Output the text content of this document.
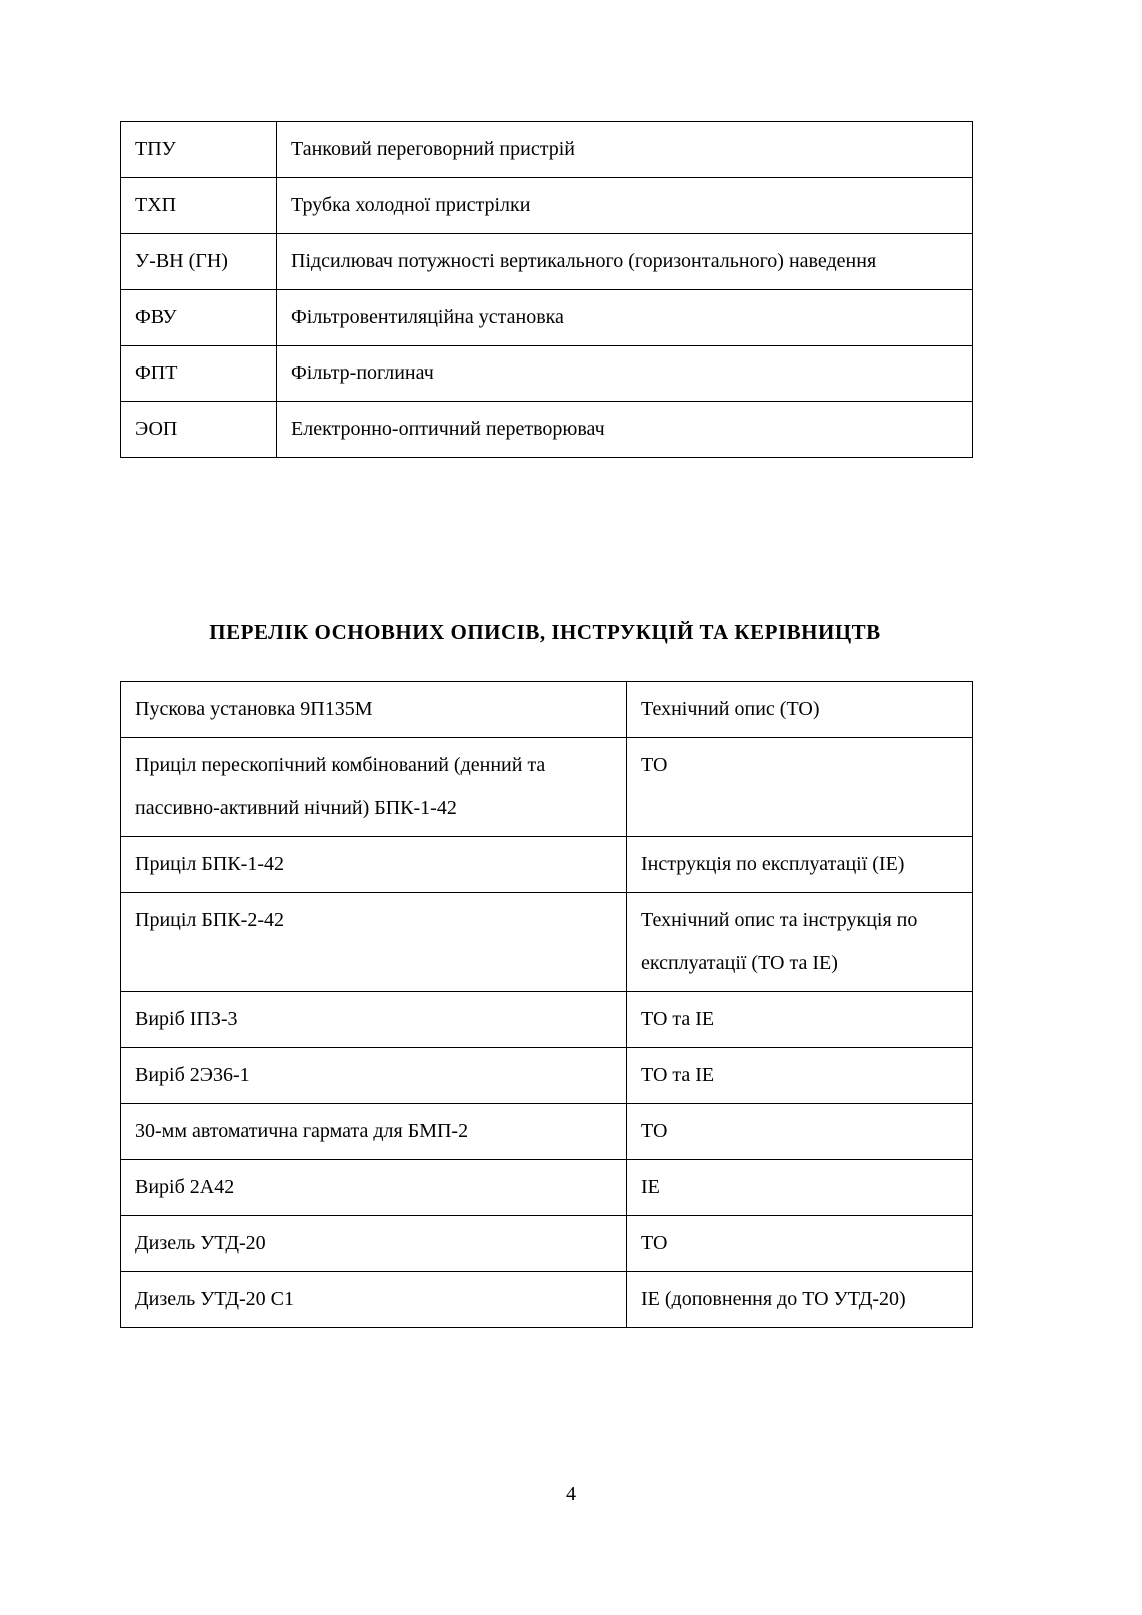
ТПУ	Танковий переговорний пристрій
ТХП	Трубка холодної пристрілки
У-ВН (ГН)	Підсилювач потужності вертикального (горизонтального) наведення
ФВУ	Фільтровентиляційна установка
ФПТ	Фільтр-поглинач
ЭОП	Електронно-оптичний перетворювач
ПЕРЕЛІК ОСНОВНИХ ОПИСІВ, ІНСТРУКЦІЙ ТА КЕРІВНИЦТВ
Пускова установка 9П135М	Технічний опис (ТО)
Приціл перескопічний комбінований (денний та пассивно-активний нічний) БПК-1-42	ТО
Приціл БПК-1-42	Інструкція по експлуатації (ІЕ)
Приціл БПК-2-42	Технічний опис та інструкція по експлуатації (ТО та ІЕ)
Виріб ІПЗ-3	ТО та ІЕ
Виріб 2Э36-1	ТО та ІЕ
30-мм автоматична гармата для БМП-2	ТО
Виріб 2А42	ІЕ
Дизель УТД-20	ТО
Дизель УТД-20 С1	ІЕ (доповнення до ТО УТД-20)
4
